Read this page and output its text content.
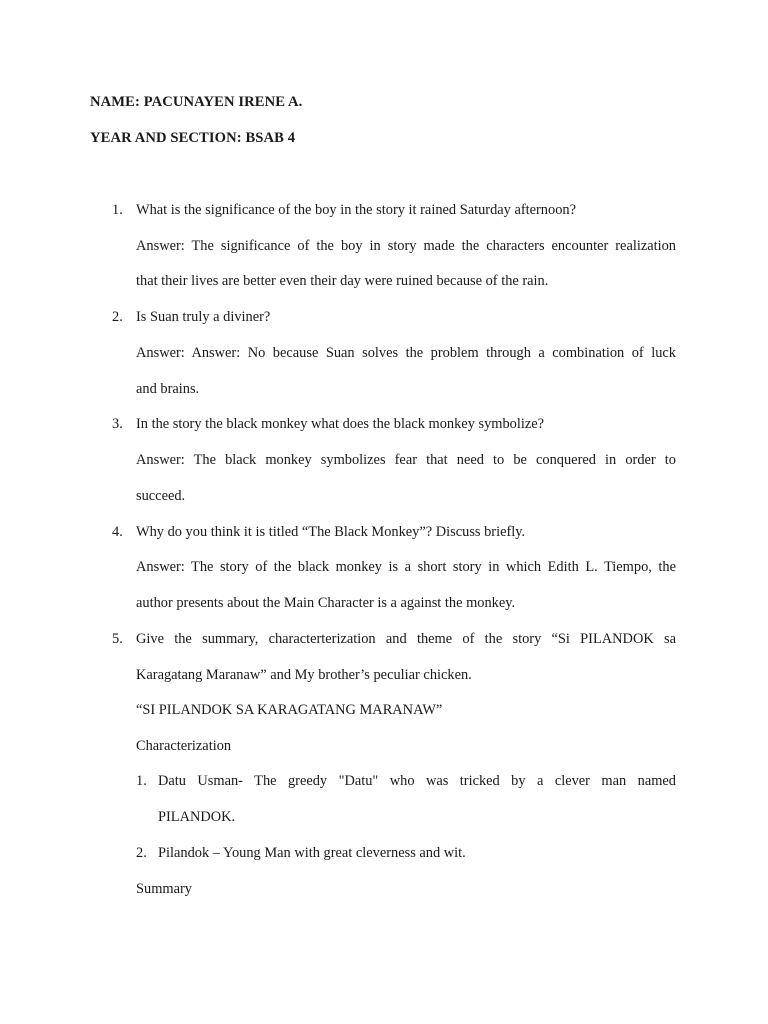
NAME: PACUNAYEN IRENE A.
YEAR AND SECTION: BSAB 4
1. What is the significance of the boy in the story it rained Saturday afternoon?
Answer: The significance of the boy in story made the characters encounter realization
that their lives are better even their day were ruined because of the rain.
2. Is Suan truly a diviner?
Answer: Answer: No because Suan solves the problem through a combination of luck
and brains.
3. In the story the black monkey what does the black monkey symbolize?
Answer: The black monkey symbolizes fear that need to be conquered in order to
succeed.
4. Why do you think it is titled “The Black Monkey”? Discuss briefly.
Answer: The story of the black monkey is a short story in which Edith L. Tiempo, the
author presents about the Main Character is a against the monkey.
5. Give the summary, characterterization and theme of the story “Si PILANDOK sa
Karagatang Maranaw” and My brother’s peculiar chicken.
“SI PILANDOK SA KARAGATANG MARANAW”
Characterization
1. Datu Usman- The greedy "Datu" who was tricked by a clever man named
PILANDOK.
2. Pilandok – Young Man with great cleverness and wit.
Summary
